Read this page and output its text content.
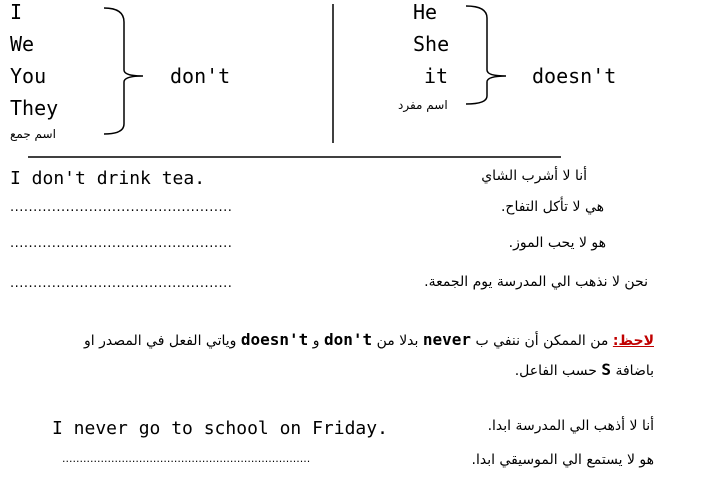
I
We
You
They
اسم جمع
don't
He
She
it
اسم مفرد
doesn't
I don't drink tea.	أنا لا أشرب الشاي
................................................	هي لا تأكل التفاح.
................................................	هو لا يحب الموز.
................................................	نحن لا نذهب الي المدرسة يوم الجمعة.
لاحظ: من الممكن أن ننفي ب never بدلا من don't و doesn't وياتي الفعل في المصدر او
باضافة S حسب الفاعل.
I never go to school on Friday.	أنا لا أذهب الي المدرسة ابدا.
.......................................................................	هو لا يستمع الي الموسيقي ابدا.
